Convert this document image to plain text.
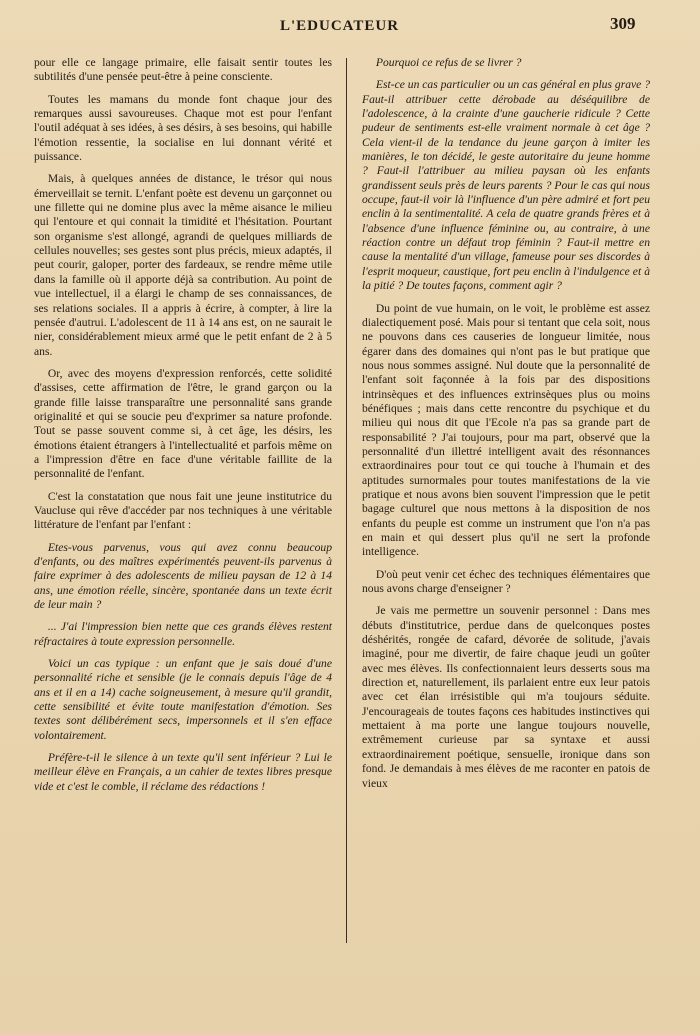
L'EDUCATEUR	309

pour elle ce langage primaire, elle faisait sentir toutes les subtilités d'une pensée peut-être à peine consciente.

Toutes les mamans du monde font chaque jour des remarques aussi savoureuses. Chaque mot est pour l'enfant l'outil adéquat à ses idées, à ses désirs, à ses besoins, qui habille l'émotion ressentie, la socialise en lui donnant vérité et puissance.

Mais, à quelques années de distance, le trésor qui nous émerveillait se ternit. L'enfant poète est devenu un garçonnet ou une fillette qui ne domine plus avec la même aisance le milieu qui l'entoure et qui connait la timidité et l'hésitation. Pourtant son organisme s'est allongé, agrandi de quelques milliards de cellules nouvelles; ses gestes sont plus précis, mieux adaptés, il peut courir, galoper, porter des fardeaux, se rendre même utile dans la famille où il apporte déjà sa contribution. Au point de vue intellectuel, il a élargi le champ de ses connaissances, de ses relations sociales. Il a appris à écrire, à compter, à lire la pensée d'autrui. L'adolescent de 11 à 14 ans est, on ne saurait le nier, considérablement mieux armé que le petit enfant de 2 à 5 ans.

Or, avec des moyens d'expression renforcés, cette solidité d'assises, cette affirmation de l'être, le grand garçon ou la grande fille laisse transparaître une personnalité sans grande originalité et qui se soucie peu d'exprimer sa nature profonde. Tout se passe souvent comme si, à cet âge, les désirs, les émotions étaient étrangers à l'intellectualité et parfois même on a l'impression d'être en face d'une véritable faillite de la personnalité de l'enfant.

C'est la constatation que nous fait une jeune institutrice du Vaucluse qui rêve d'accéder par nos techniques à une véritable littérature de l'enfant par l'enfant :

Etes-vous parvenus, vous qui avez connu beaucoup d'enfants, ou des maîtres expérimentés peuvent-ils parvenus à faire exprimer à des adolescents de milieu paysan de 12 à 14 ans, une émotion réelle, sincère, spontanée dans un texte écrit de leur main ?

... J'ai l'impression bien nette que ces grands élèves restent réfractaires à toute expression personnelle.

Voici un cas typique : un enfant que je sais doué d'une personnalité riche et sensible (je le connais depuis l'âge de 4 ans et il en a 14) cache soigneusement, à mesure qu'il grandit, cette sensibilité et évite toute manifestation d'émotion. Ses textes sont délibérément secs, impersonnels et il s'en efface volontairement.

Préfère-t-il le silence à un texte qu'il sent inférieur ? Lui le meilleur élève en Français, a un cahier de textes libres presque vide et c'est le comble, il réclame des rédactions !

Pourquoi ce refus de se livrer ?

Est-ce un cas particulier ou un cas général en plus grave ? Faut-il attribuer cette dérobade au déséquilibre de l'adolescence, à la crainte d'une gaucherie ridicule ? Cette pudeur de sentiments est-elle vraiment normale à cet âge ? Cela vient-il de la tendance du jeune garçon à imiter les manières, le ton décidé, le geste autoritaire du jeune homme ? Faut-il l'attribuer au milieu paysan où les enfants grandissent seuls près de leurs parents ? Pour le cas qui nous occupe, faut-il voir là l'influence d'un père admiré et fort peu enclin à la sentimentalité. A cela de quatre grands frères et à l'absence d'une influence féminine ou, au contraire, à une réaction contre un défaut trop féminin ? Faut-il mettre en cause la mentalité d'un village, fameuse pour ses discordes à l'esprit moqueur, caustique, fort peu enclin à l'indulgence et à la pitié ? De toutes façons, comment agir ?

Du point de vue humain, on le voit, le problème est assez dialectiquement posé. Mais pour si tentant que cela soit, nous ne pouvons dans ces causeries de longueur limitée, nous égarer dans des domaines qui n'ont pas le but pratique que nous nous sommes assigné. Nul doute que la personnalité de l'enfant soit façonnée à la fois par des dispositions intrinsèques et des influences extrinsèques plus ou moins bénéfiques ; mais dans cette rencontre du psychique et du milieu qui nous dit que l'Ecole n'a pas sa grande part de responsabilité ? J'ai toujours, pour ma part, observé que la personnalité d'un illettré intelligent avait des résonnances extraordinaires pour tout ce qui touche à l'humain et des aptitudes surnormales pour toutes manifestations de la vie pratique et nous avons bien souvent l'impression que le petit bagage culturel que nous mettons à la disposition de nos enfants du peuple est comme un instrument que l'on n'a pas en main et qui dessert plus qu'il ne sert la profonde intelligence.

D'où peut venir cet échec des techniques élémentaires que nous avons charge d'enseigner ?

Je vais me permettre un souvenir personnel : Dans mes débuts d'institutrice, perdue dans de quelconques postes déshérités, rongée de cafard, dévorée de solitude, j'avais imaginé, pour me divertir, de faire chaque jeudi un goûter avec mes élèves. Ils confectionnaient leurs desserts sous ma direction et, naturellement, ils parlaient entre eux leur patois avec cet élan irrésistible qui m'a toujours séduite. J'encourageais de toutes façons ces habitudes instinctives qui mettaient à ma porte une langue toujours nouvelle, extrêmement curieuse par sa syntaxe et aussi extraordinairement poétique, sensuelle, ironique dans son fond. Je demandais à mes élèves de me raconter en patois de vieux
